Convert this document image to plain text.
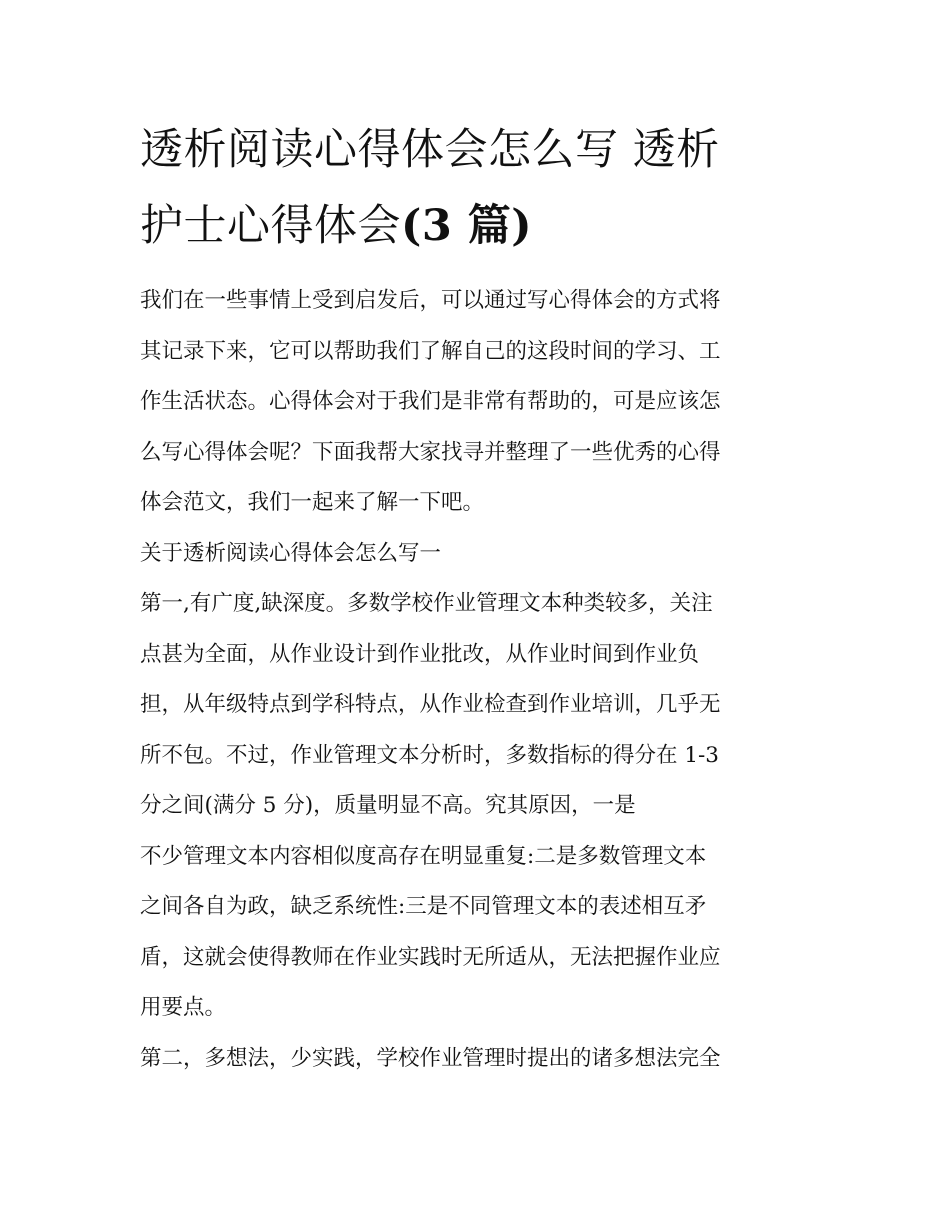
透析阅读心得体会怎么写 透析
护士心得体会(3 篇)

我们在一些事情上受到启发后，可以通过写心得体会的方式将
其记录下来，它可以帮助我们了解自己的这段时间的学习、工
作生活状态。心得体会对于我们是非常有帮助的，可是应该怎
么写心得体会呢？下面我帮大家找寻并整理了一些优秀的心得
体会范文，我们一起来了解一下吧。

关于透析阅读心得体会怎么写一

第一,有广度,缺深度。多数学校作业管理文本种类较多，关注
点甚为全面，从作业设计到作业批改，从作业时间到作业负
担，从年级特点到学科特点，从作业检查到作业培训，几乎无
所不包。不过，作业管理文本分析时，多数指标的得分在 1-3
分之间(满分 5 分)，质量明显不高。究其原因，一是
不少管理文本内容相似度高存在明显重复:二是多数管理文本
之间各自为政，缺乏系统性:三是不同管理文本的表述相互矛
盾，这就会使得教师在作业实践时无所适从，无法把握作业应
用要点。

第二，多想法，少实践，学校作业管理时提出的诸多想法完全
